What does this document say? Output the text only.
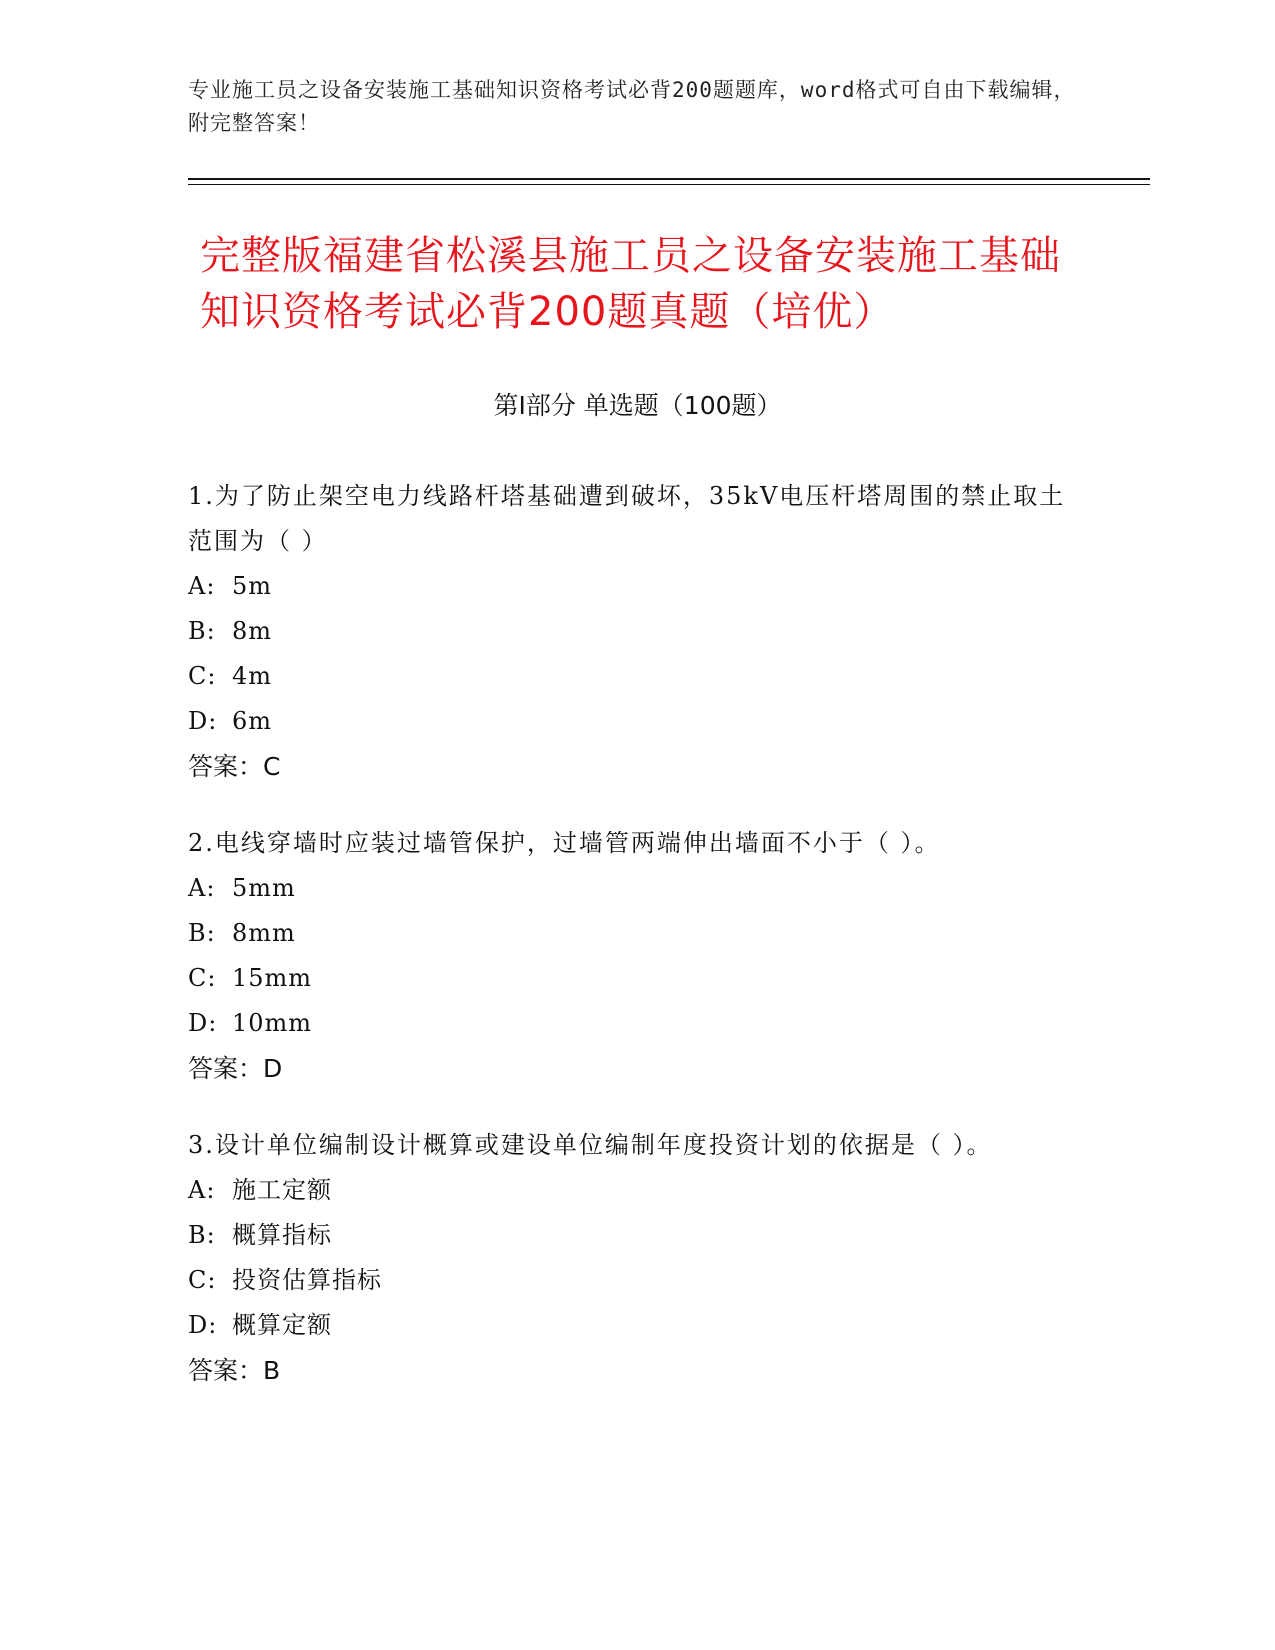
专业施工员之设备安装施工基础知识资格考试必背200题题库，word格式可自由下载编辑，附完整答案！
完整版福建省松溪县施工员之设备安装施工基础知识资格考试必背200题真题（培优）
第Ⅰ部分 单选题（100题）
1.为了防止架空电力线路杆塔基础遭到破坏，35kV电压杆塔周围的禁止取土范围为（ ）
A: 5m
B: 8m
C: 4m
D: 6m
答案：C
2.电线穿墙时应装过墙管保护，过墙管两端伸出墙面不小于（ ）。
A: 5mm
B: 8mm
C: 15mm
D: 10mm
答案：D
3.设计单位编制设计概算或建设单位编制年度投资计划的依据是（ ）。
A: 施工定额
B: 概算指标
C: 投资估算指标
D: 概算定额
答案：B
